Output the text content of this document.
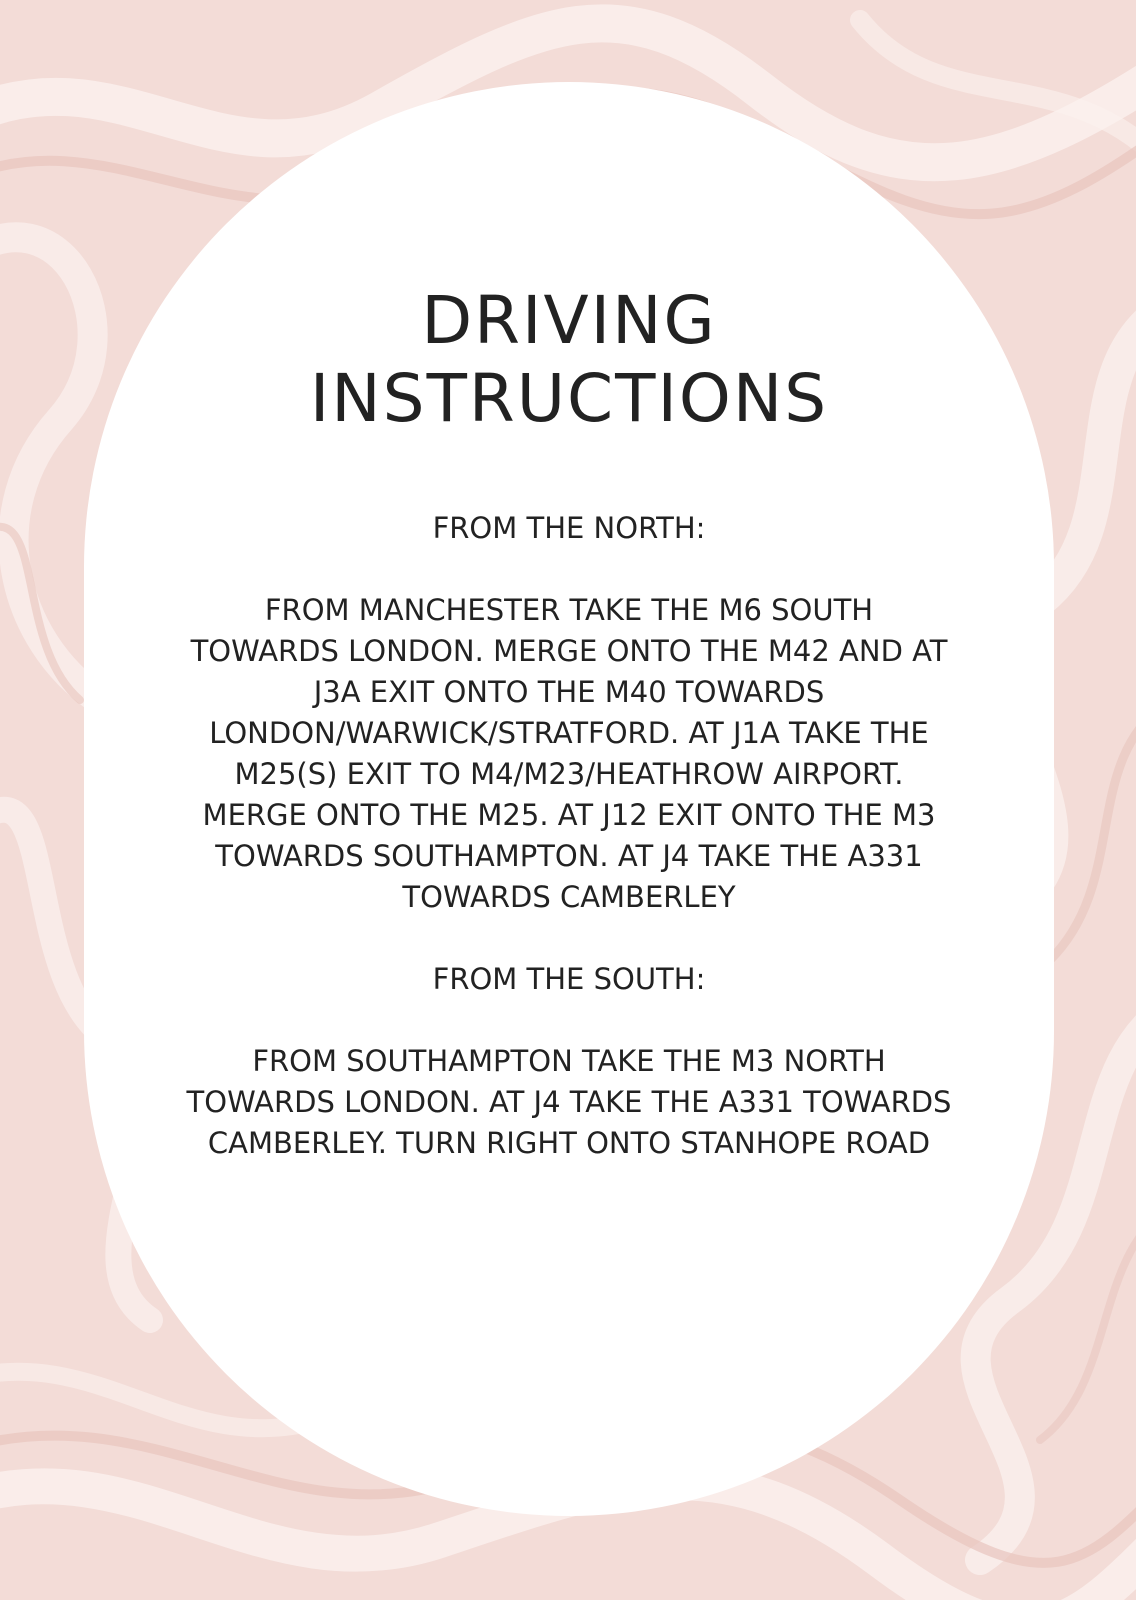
DRIVING
INSTRUCTIONS
FROM THE NORTH:
FROM MANCHESTER TAKE THE M6 SOUTH
TOWARDS LONDON. MERGE ONTO THE M42 AND AT
J3A EXIT ONTO THE M40 TOWARDS
LONDON/WARWICK/STRATFORD. AT J1A TAKE THE
M25(S) EXIT TO M4/M23/HEATHROW AIRPORT.
MERGE ONTO THE M25. AT J12 EXIT ONTO THE M3
TOWARDS SOUTHAMPTON. AT J4 TAKE THE A331
TOWARDS CAMBERLEY
FROM THE SOUTH:
FROM SOUTHAMPTON TAKE THE M3 NORTH
TOWARDS LONDON. AT J4 TAKE THE A331 TOWARDS
CAMBERLEY. TURN RIGHT ONTO STANHOPE ROAD
